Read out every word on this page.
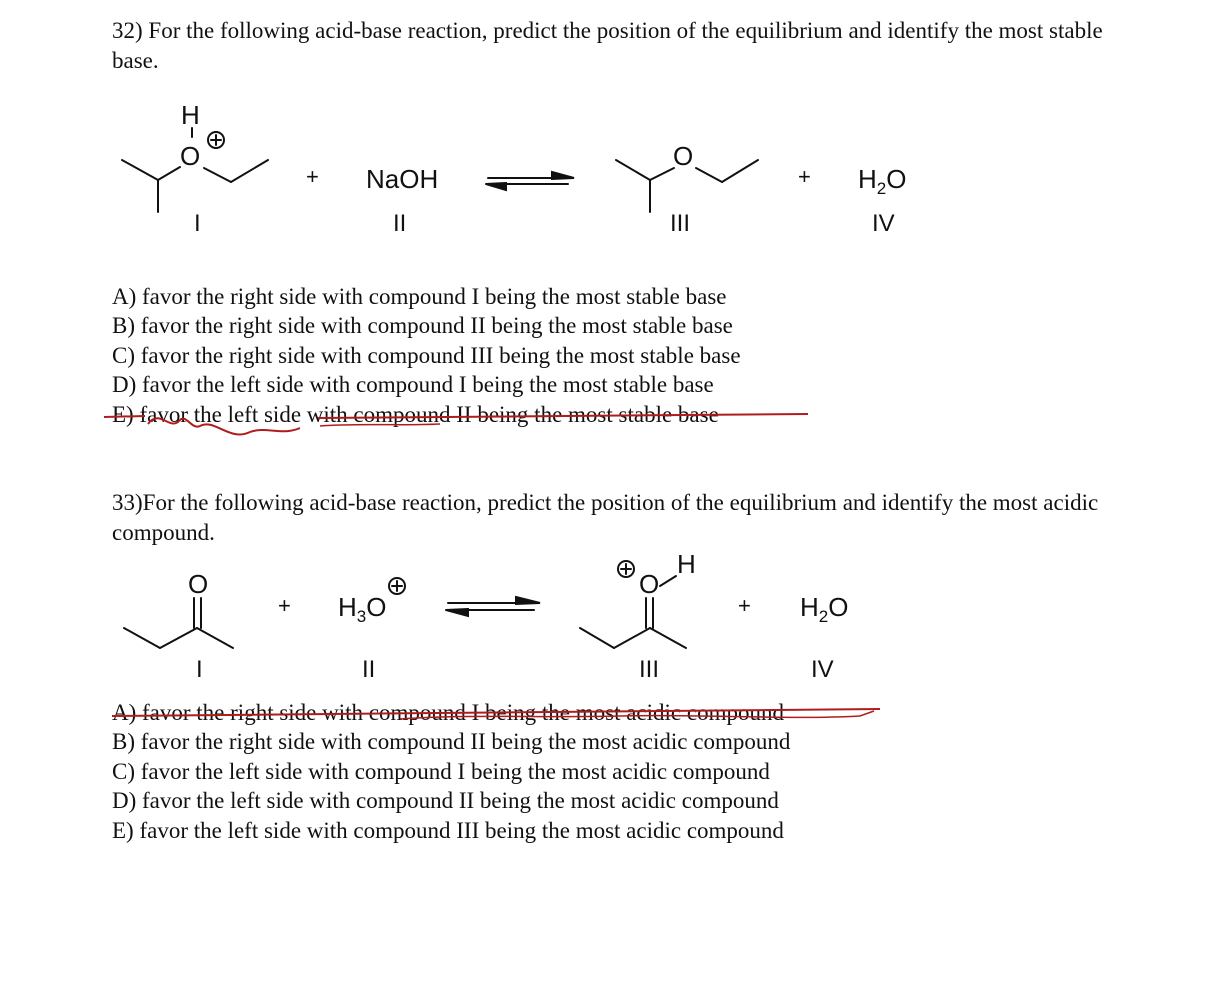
32) For the following acid-base reaction, predict the position of the equilibrium and identify the most stable base.
H
O
+ NaOH
O
+ $H_2O$
I	II	III	IV
A) favor the right side with compound I being the most stable base
B) favor the right side with compound II being the most stable base
C) favor the right side with compound III being the most stable base
D) favor the left side with compound I being the most stable base
E) favor the left side with compound II being the most stable base
33)For the following acid-base reaction, predict the position of the equilibrium and identify the most acidic compound.
O
+ $H_3O$
O
H
+ $H_2O$
I	II	III	IV
A) favor the right side with compound I being the most acidic compound
B) favor the right side with compound II being the most acidic compound
C) favor the left side with compound I being the most acidic compound
D) favor the left side with compound II being the most acidic compound
E) favor the left side with compound III being the most acidic compound
